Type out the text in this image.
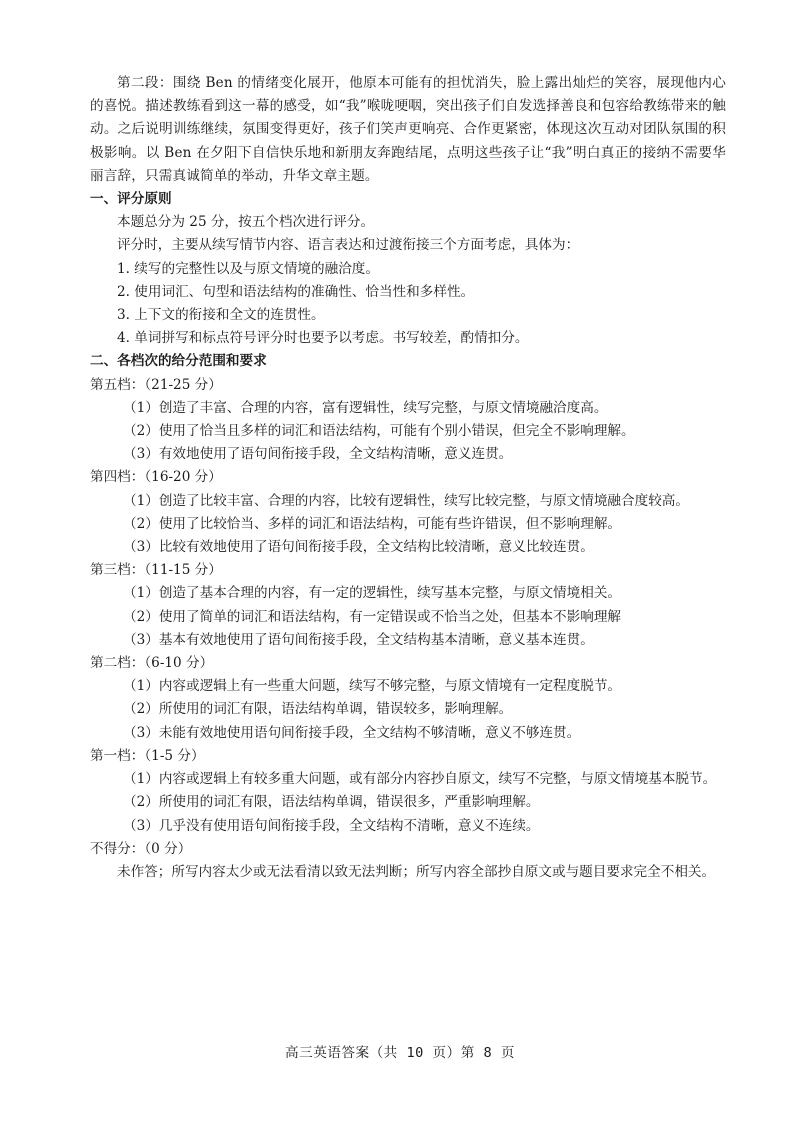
第二段：围绕 Ben 的情绪变化展开，他原本可能有的担忧消失，脸上露出灿烂的笑容，展现他内心的喜悦。描述教练看到这一幕的感受，如“我”喉咙哽咽，突出孩子们自发选择善良和包容给教练带来的触动。之后说明训练继续，氛围变得更好，孩子们笑声更响亮、合作更紧密，体现这次互动对团队氛围的积极影响。以 Ben 在夕阳下自信快乐地和新朋友奔跑结尾，点明这些孩子让“我”明白真正的接纳不需要华丽言辞，只需真诚简单的举动，升华文章主题。

一、评分原则

本题总分为 25 分，按五个档次进行评分。

评分时，主要从续写情节内容、语言表达和过渡衔接三个方面考虑，具体为：

1. 续写的完整性以及与原文情境的融洽度。

2. 使用词汇、句型和语法结构的准确性、恰当性和多样性。

3. 上下文的衔接和全文的连贯性。

4. 单词拼写和标点符号评分时也要予以考虑。书写较差，酌情扣分。

二、各档次的给分范围和要求

第五档：（21-25 分）

（1）创造了丰富、合理的内容，富有逻辑性，续写完整，与原文情境融洽度高。

（2）使用了恰当且多样的词汇和语法结构，可能有个别小错误，但完全不影响理解。

（3）有效地使用了语句间衔接手段，全文结构清晰，意义连贯。

第四档：（16-20 分）

（1）创造了比较丰富、合理的内容，比较有逻辑性，续写比较完整，与原文情境融合度较高。

（2）使用了比较恰当、多样的词汇和语法结构，可能有些许错误，但不影响理解。

（3）比较有效地使用了语句间衔接手段，全文结构比较清晰，意义比较连贯。

第三档：（11-15 分）

（1）创造了基本合理的内容，有一定的逻辑性，续写基本完整，与原文情境相关。

（2）使用了简单的词汇和语法结构，有一定错误或不恰当之处，但基本不影响理解

（3）基本有效地使用了语句间衔接手段，全文结构基本清晰，意义基本连贯。

第二档：（6-10 分）

（1）内容或逻辑上有一些重大问题，续写不够完整，与原文情境有一定程度脱节。

（2）所使用的词汇有限，语法结构单调，错误较多，影响理解。

（3）未能有效地使用语句间衔接手段，全文结构不够清晰，意义不够连贯。

第一档：（1-5 分）

（1）内容或逻辑上有较多重大问题，或有部分内容抄自原文，续写不完整，与原文情境基本脱节。

（2）所使用的词汇有限，语法结构单调，错误很多，严重影响理解。

（3）几乎没有使用语句间衔接手段，全文结构不清晰，意义不连续。

不得分：（0 分）

未作答；所写内容太少或无法看清以致无法判断；所写内容全部抄自原文或与题目要求完全不相关。

高三英语答案（共 10 页）第 8 页
